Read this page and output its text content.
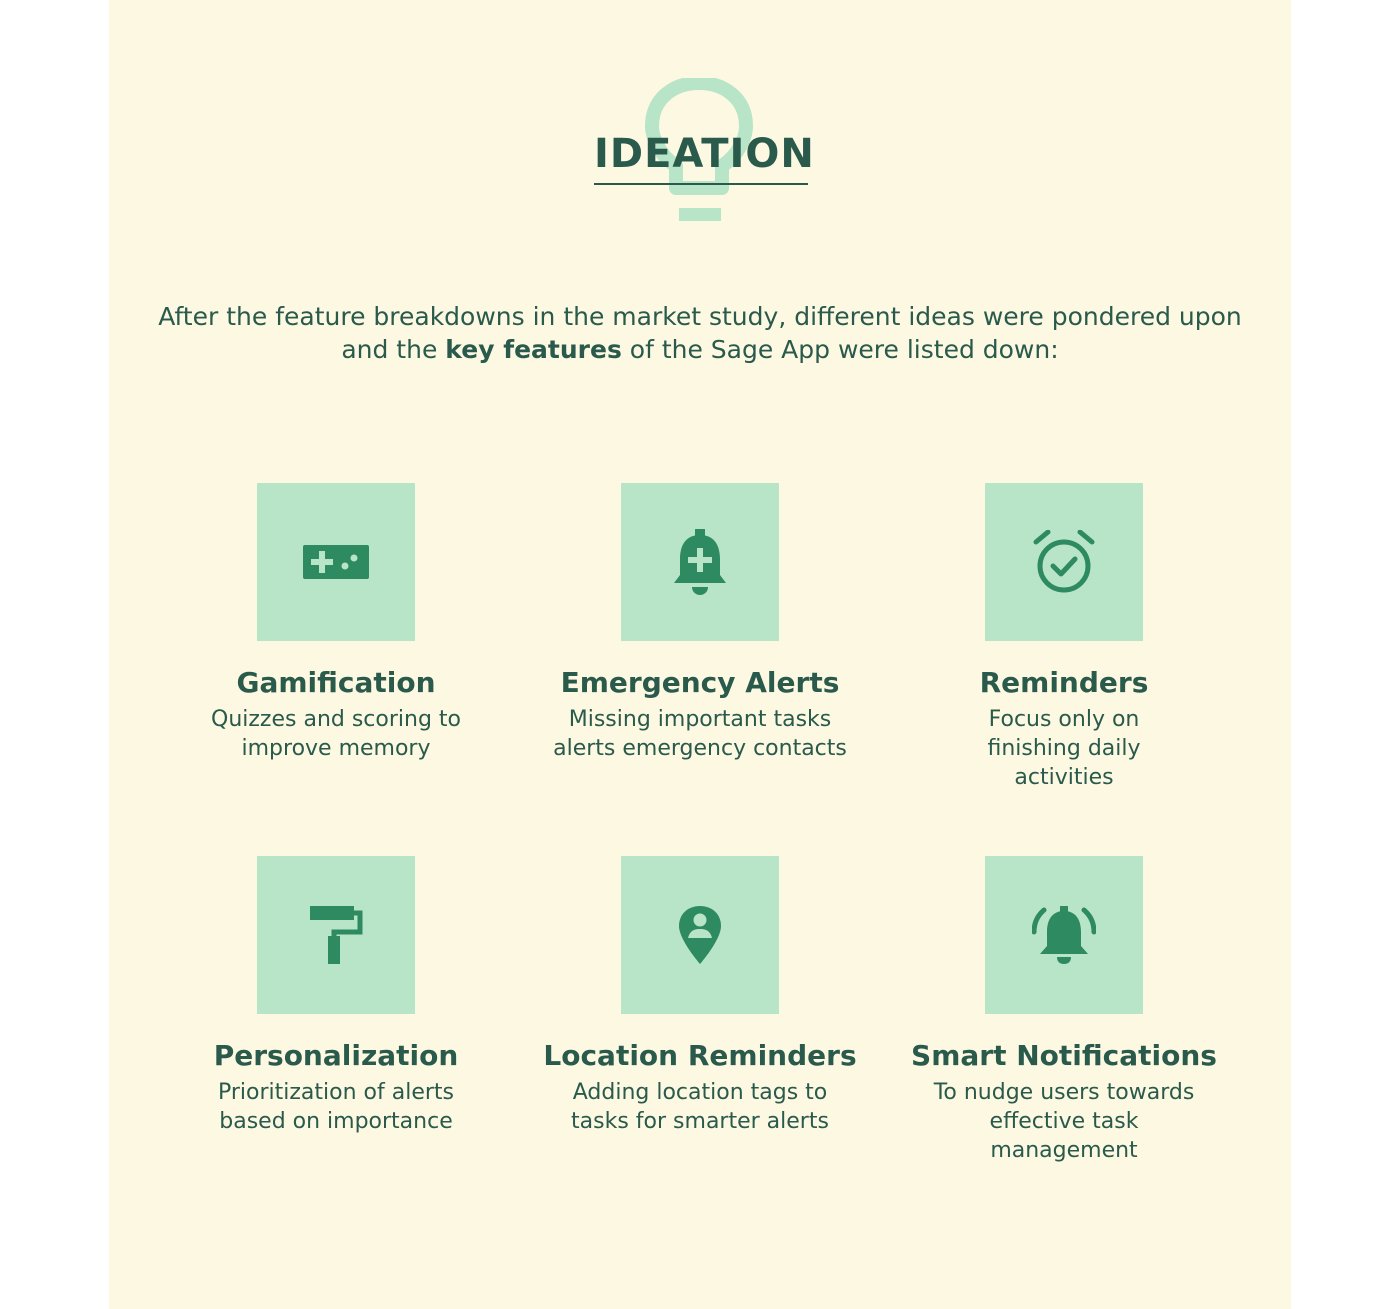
IDEATION
After the feature breakdowns in the market study, different ideas were pondered upon and the key features of the Sage App were listed down:
Gamification
Quizzes and scoring to improve memory
Emergency Alerts
Missing important tasks alerts emergency contacts
Reminders
Focus only on finishing daily activities
Personalization
Prioritization of alerts based on importance
Location Reminders
Adding location tags to tasks for smarter alerts
Smart Notifications
To nudge users towards effective task management
